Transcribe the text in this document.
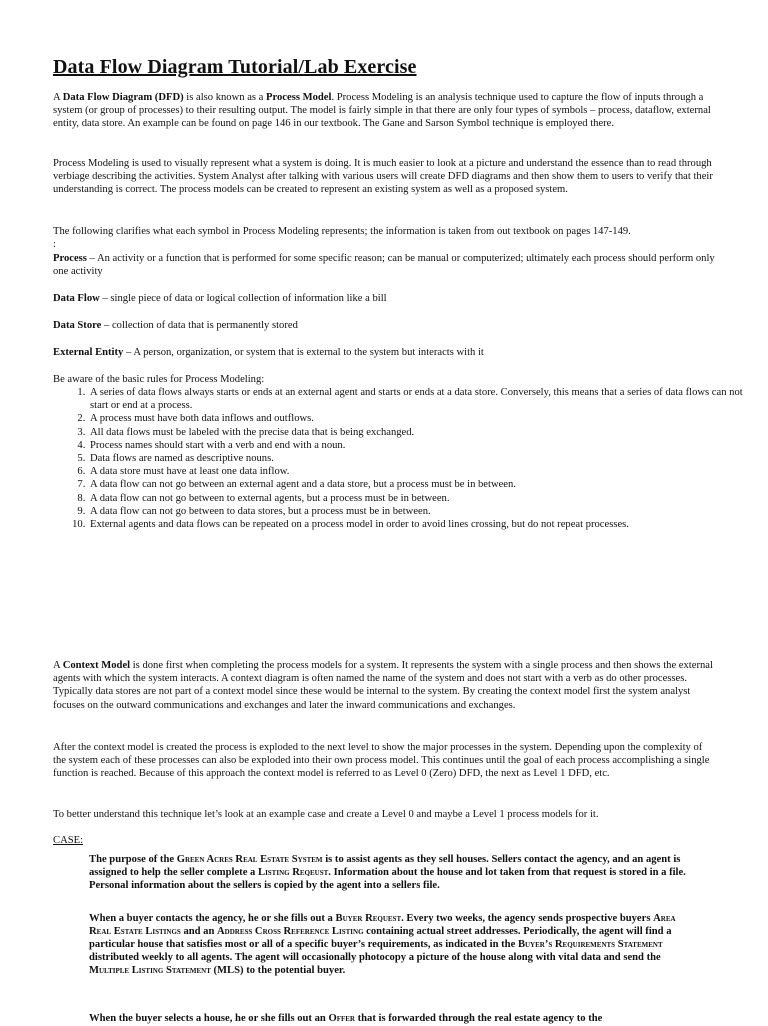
Data Flow Diagram Tutorial/Lab Exercise

A Data Flow Diagram (DFD) is also known as a Process Model. Process Modeling is an analysis technique used to capture the flow of inputs through a system (or group of processes) to their resulting output. The model is fairly simple in that there are only four types of symbols – process, dataflow, external entity, data store. An example can be found on page 146 in our textbook. The Gane and Sarson Symbol technique is employed there.

Process Modeling is used to visually represent what a system is doing. It is much easier to look at a picture and understand the essence than to read through verbiage describing the activities. System Analyst after talking with various users will create DFD diagrams and then show them to users to verify that their understanding is correct. The process models can be created to represent an existing system as well as a proposed system.

The following clarifies what each symbol in Process Modeling represents; the information is taken from out textbook on pages 147-149.
:

Process – An activity or a function that is performed for some specific reason; can be manual or computerized; ultimately each process should perform only one activity

Data Flow – single piece of data or logical collection of information like a bill

Data Store – collection of data that is permanently stored

External Entity – A person, organization, or system that is external to the system but interacts with it

Be aware of the basic rules for Process Modeling:

1. A series of data flows always starts or ends at an external agent and starts or ends at a data store. Conversely, this means that a series of data flows can not start or end at a process.
2. A process must have both data inflows and outflows.
3. All data flows must be labeled with the precise data that is being exchanged.
4. Process names should start with a verb and end with a noun.
5. Data flows are named as descriptive nouns.
6. A data store must have at least one data inflow.
7. A data flow can not go between an external agent and a data store, but a process must be in between.
8. A data flow can not go between to external agents, but a process must be in between.
9. A data flow can not go between to data stores, but a process must be in between.
10. External agents and data flows can be repeated on a process model in order to avoid lines crossing, but do not repeat processes.

A Context Model is done first when completing the process models for a system. It represents the system with a single process and then shows the external agents with which the system interacts. A context diagram is often named the name of the system and does not start with a verb as do other processes. Typically data stores are not part of a context model since these would be internal to the system. By creating the context model first the system analyst focuses on the outward communications and exchanges and later the inward communications and exchanges.

After the context model is created the process is exploded to the next level to show the major processes in the system. Depending upon the complexity of the system each of these processes can also be exploded into their own process model. This continues until the goal of each process accomplishing a single function is reached. Because of this approach the context model is referred to as Level 0 (Zero) DFD, the next as Level 1 DFD, etc.

To better understand this technique let’s look at an example case and create a Level 0 and maybe a Level 1 process models for it.

CASE:

The purpose of the Green Acres Real Estate System is to assist agents as they sell houses. Sellers contact the agency, and an agent is assigned to help the seller complete a Listing Reqeust. Information about the house and lot taken from that request is stored in a file. Personal information about the sellers is copied by the agent into a sellers file.

When a buyer contacts the agency, he or she fills out a Buyer Request. Every two weeks, the agency sends prospective buyers Area Real Estate Listings and an Address Cross Reference Listing containing actual street addresses. Periodically, the agent will find a particular house that satisfies most or all of a specific buyer’s requirements, as indicated in the Buyer’s Requirements Statement distributed weekly to all agents. The agent will occasionally photocopy a picture of the house along with vital data and send the Multiple Listing Statement (MLS) to the potential buyer.

When the buyer selects a house, he or she fills out an Offer that is forwarded through the real estate agency to the
